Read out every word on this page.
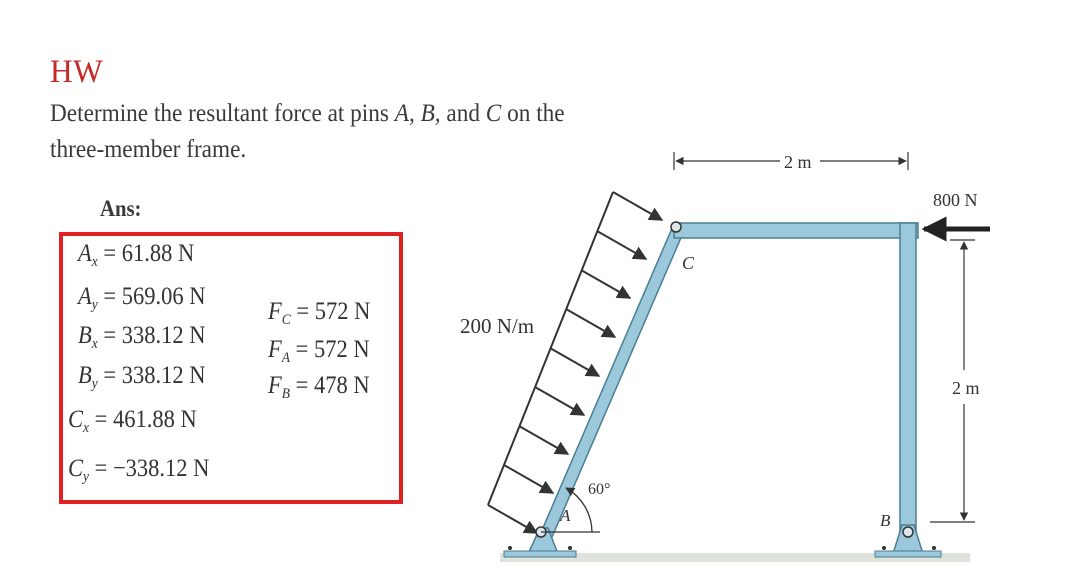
HW
Determine the resultant force at pins A, B, and C on the
three-member frame.
Ans:
$A_x = 61.88$ N
$A_y = 569.06$ N
$B_x = 338.12$ N
$B_y = 338.12$ N
$C_x = 461.88$ N
$C_y = -338.12$ N
$F_C = 572$ N
$F_A = 572$ N
$F_B = 478$ N
200 N/m
C
A
60°
B
2 m
2 m
800 N
